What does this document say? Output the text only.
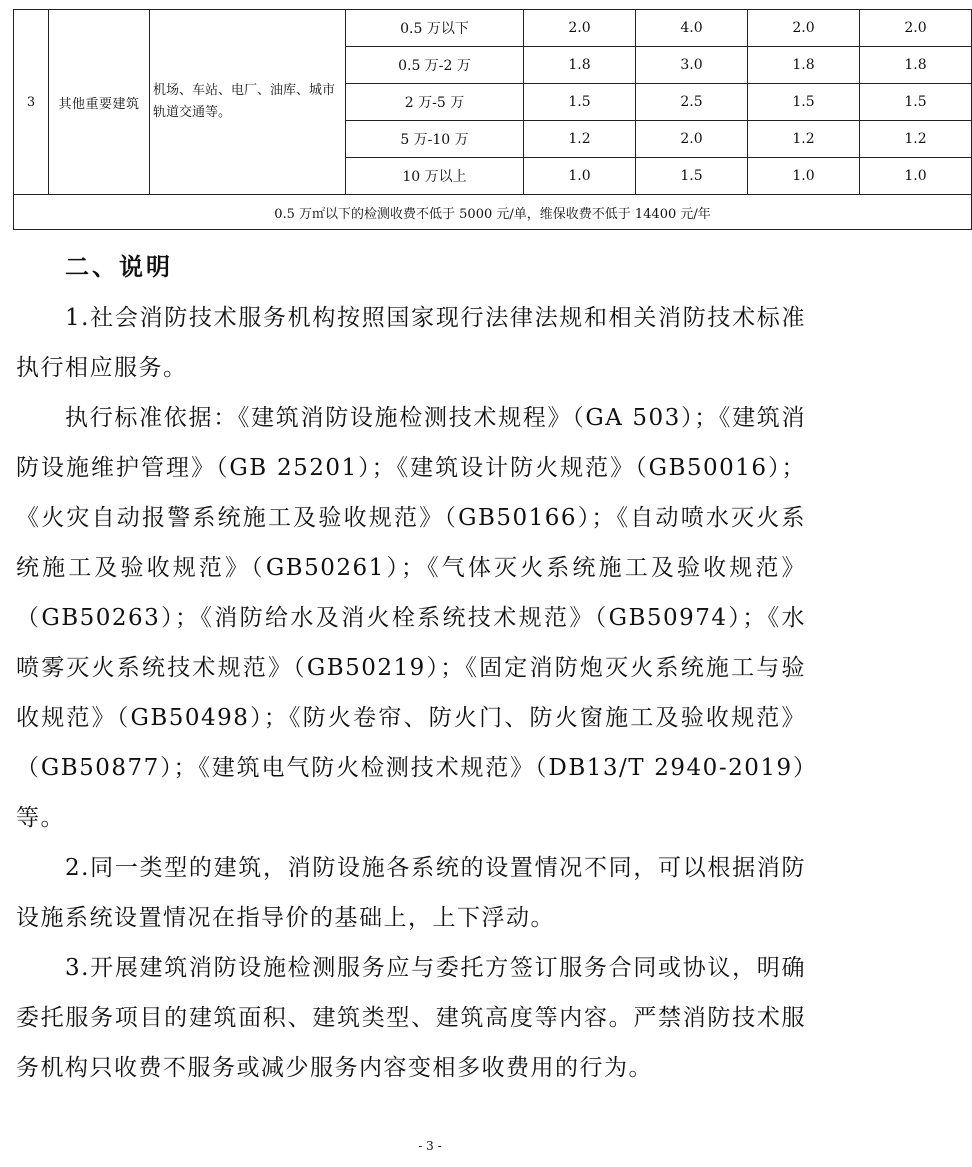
3	其他重要建筑	机场、车站、电厂、油库、城市轨道交通等。	0.5 万以下	2.0	4.0	2.0	2.0
			0.5 万-2 万	1.8	3.0	1.8	1.8
			2 万-5 万	1.5	2.5	1.5	1.5
			5 万-10 万	1.2	2.0	1.2	1.2
			10 万以上	1.0	1.5	1.0	1.0
0.5 万㎡以下的检测收费不低于 5000 元/单，维保收费不低于 14400 元/年							
二、说明

1.社会消防技术服务机构按照国家现行法律法规和相关消防技术标准执行相应服务。

执行标准依据：《建筑消防设施检测技术规程》（GA 503）；《建筑消防设施维护管理》（GB 25201）；《建筑设计防火规范》（GB50016）；《火灾自动报警系统施工及验收规范》（GB50166）；《自动喷水灭火系统施工及验收规范》（GB50261）；《气体灭火系统施工及验收规范》（GB50263）；《消防给水及消火栓系统技术规范》（GB50974）；《水喷雾灭火系统技术规范》（GB50219）；《固定消防炮灭火系统施工与验收规范》（GB50498）；《防火卷帘、防火门、防火窗施工及验收规范》（GB50877）；《建筑电气防火检测技术规范》（DB13/T 2940-2019）等。

2.同一类型的建筑，消防设施各系统的设置情况不同，可以根据消防设施系统设置情况在指导价的基础上，上下浮动。

3.开展建筑消防设施检测服务应与委托方签订服务合同或协议，明确委托服务项目的建筑面积、建筑类型、建筑高度等内容。严禁消防技术服务机构只收费不服务或减少服务内容变相多收费用的行为。

- 3 -
